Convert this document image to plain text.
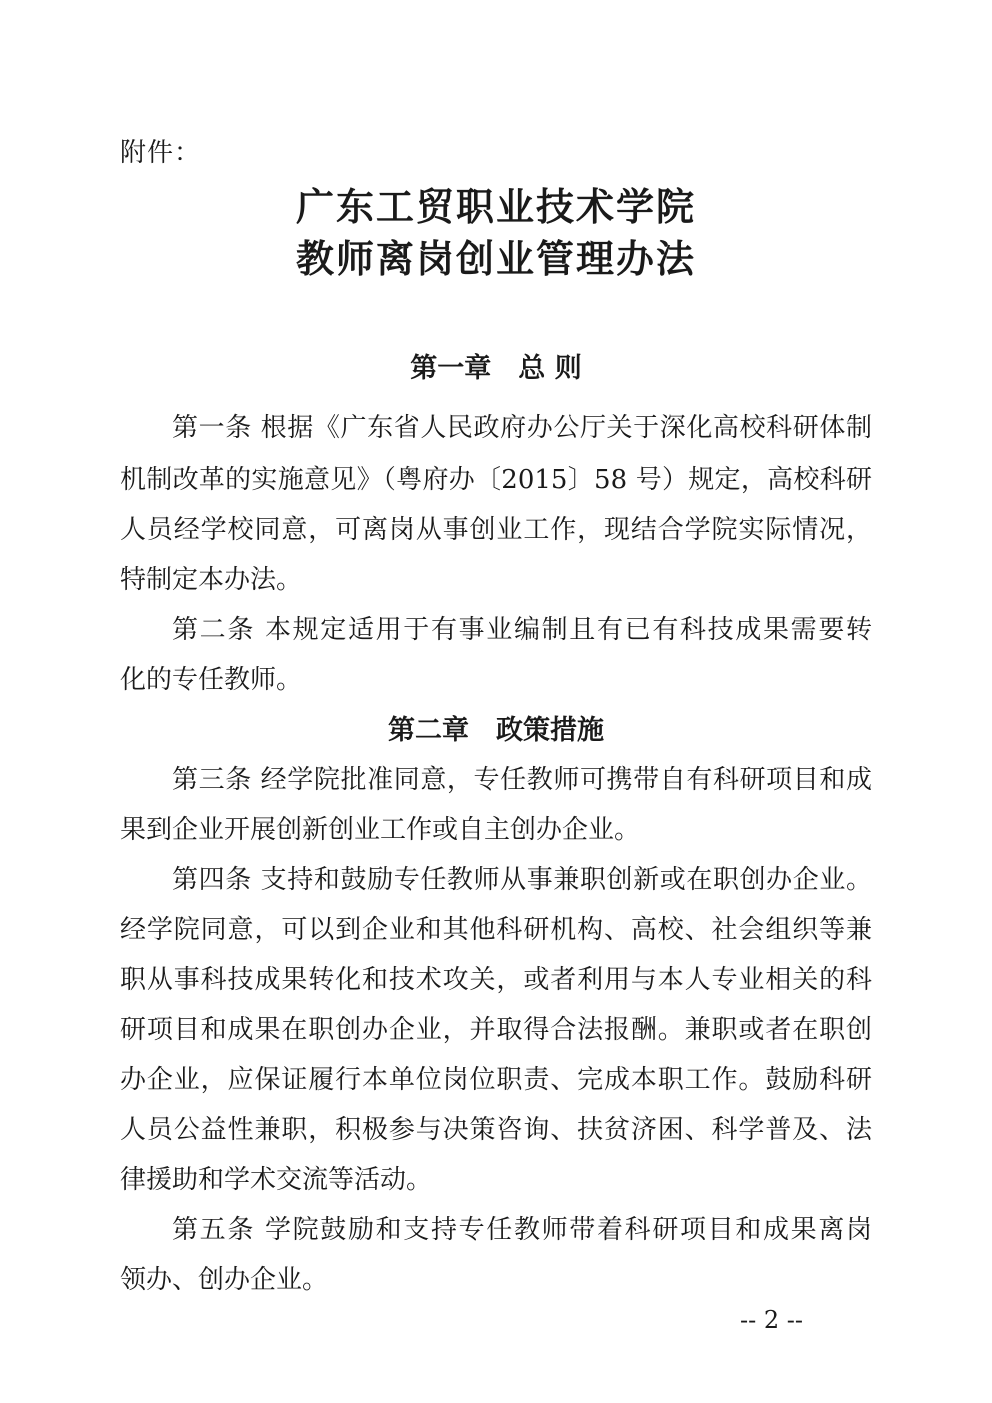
附件：
广东工贸职业技术学院
教师离岗创业管理办法
第一章　总 则
第一条 根据《广东省人民政府办公厅关于深化高校科研体制
机制改革的实施意见》（粤府办〔2015〕58 号）规定，高校科研
人员经学校同意，可离岗从事创业工作，现结合学院实际情况，
特制定本办法。
第二条 本规定适用于有事业编制且有已有科技成果需要转
化的专任教师。
第二章　政策措施
第三条 经学院批准同意，专任教师可携带自有科研项目和成
果到企业开展创新创业工作或自主创办企业。
第四条 支持和鼓励专任教师从事兼职创新或在职创办企业。
经学院同意，可以到企业和其他科研机构、高校、社会组织等兼
职从事科技成果转化和技术攻关，或者利用与本人专业相关的科
研项目和成果在职创办企业，并取得合法报酬。兼职或者在职创
办企业，应保证履行本单位岗位职责、完成本职工作。鼓励科研
人员公益性兼职，积极参与决策咨询、扶贫济困、科学普及、法
律援助和学术交流等活动。
第五条 学院鼓励和支持专任教师带着科研项目和成果离岗
领办、创办企业。
-- 2 --
